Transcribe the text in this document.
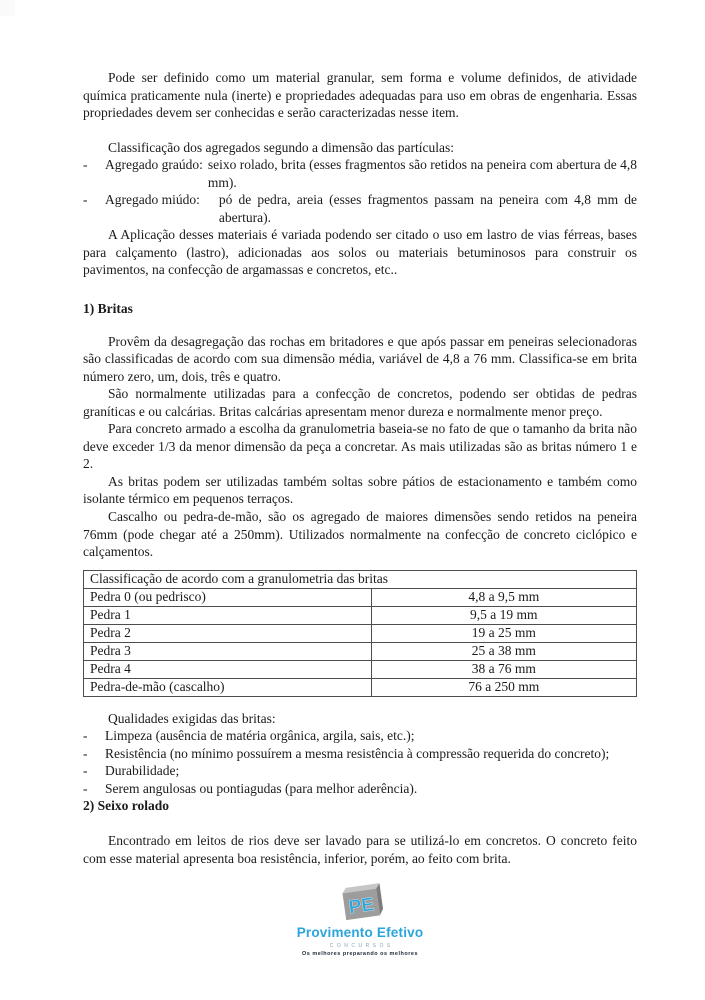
Pode ser definido como um material granular, sem forma e volume definidos, de atividade química praticamente nula (inerte) e propriedades adequadas para uso em obras de engenharia. Essas propriedades devem ser conhecidas e serão caracterizadas nesse item.

Classificação dos agregados segundo a dimensão das partículas:

-	Agregado graúdo: seixo rolado, brita (esses fragmentos são retidos na peneira com abertura de 4,8 mm).
-	Agregado miúdo:	pó de pedra, areia (esses fragmentos passam na peneira com 4,8 mm de abertura).

A Aplicação desses materiais é variada podendo ser citado o uso em lastro de vias férreas, bases para calçamento (lastro), adicionadas aos solos ou materiais betuminosos para construir os pavimentos, na confecção de argamassas e concretos, etc..

1) Britas

Provêm da desagregação das rochas em britadores e que após passar em peneiras selecionadoras são classificadas de acordo com sua dimensão média, variável de 4,8 a 76 mm. Classifica-se em brita número zero, um, dois, três e quatro.

São normalmente utilizadas para a confecção de concretos, podendo ser obtidas de pedras graníticas e ou calcárias. Britas calcárias apresentam menor dureza e normalmente menor preço.

Para concreto armado a escolha da granulometria baseia-se no fato de que o tamanho da brita não deve exceder 1/3 da menor dimensão da peça a concretar. As mais utilizadas são as britas número 1 e 2.

As britas podem ser utilizadas também soltas sobre pátios de estacionamento e também como isolante térmico em pequenos terraços.

Cascalho ou pedra-de-mão, são os agregado de maiores dimensões sendo retidos na peneira 76mm (pode chegar até a 250mm). Utilizados normalmente na confecção de concreto ciclópico e calçamentos.

Classificação de acordo com a granulometria das britas	
Pedra 0 (ou pedrisco)	4,8 a 9,5 mm
Pedra 1	9,5 a 19 mm
Pedra 2	19 a 25 mm
Pedra 3	25 a 38 mm
Pedra 4	38 a 76 mm
Pedra-de-mão (cascalho)	76 a 250 mm

Qualidades exigidas das britas:

-	Limpeza (ausência de matéria orgânica, argila, sais, etc.);
-	Resistência (no mínimo possuírem a mesma resistência à compressão requerida do concreto);
-	Durabilidade;
-	Serem angulosas ou pontiagudas (para melhor aderência).

2) Seixo rolado

Encontrado em leitos de rios deve ser lavado para se utilizá-lo em concretos. O concreto feito com esse material apresenta boa resistência, inferior, porém, ao feito com brita.

PE
Provimento Efetivo
CONCURSOS
Os melhores preparando os melhores
